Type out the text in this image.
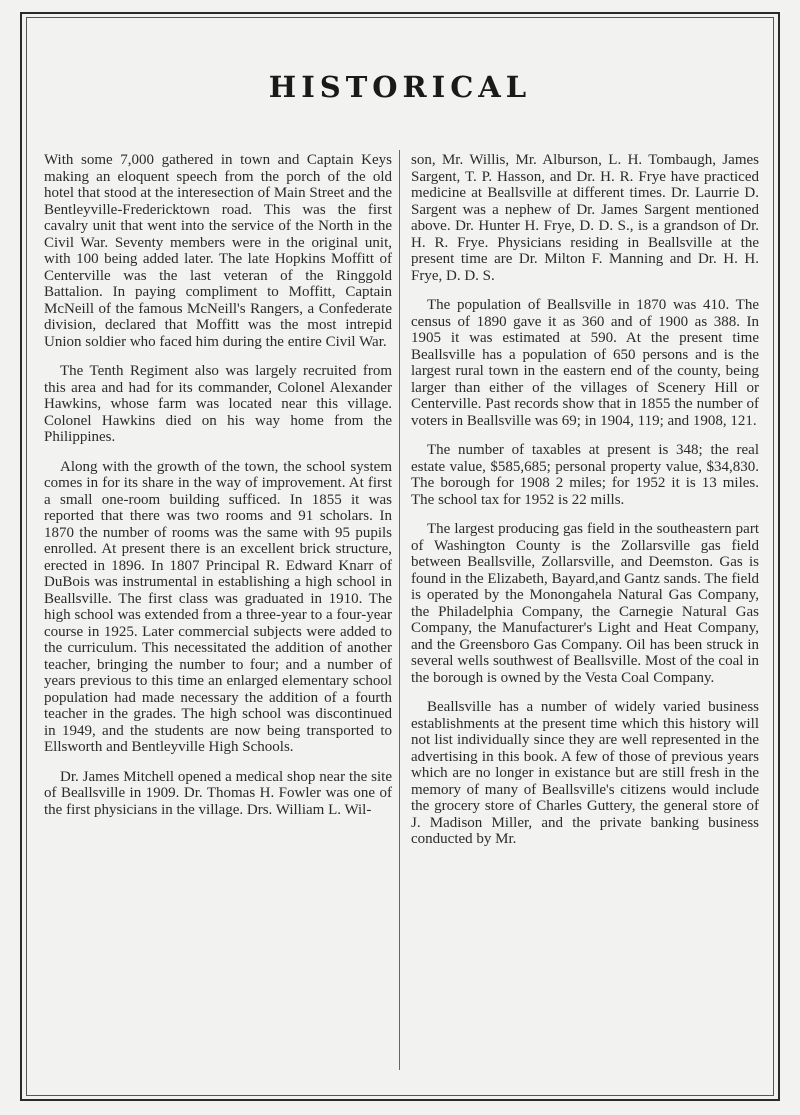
HISTORICAL

With some 7,000 gathered in town and Captain Keys making an eloquent speech from the porch of the old hotel that stood at the interesection of Main Street and the Bentleyville-Fredericktown road. This was the first cavalry unit that went into the service of the North in the Civil War. Seventy members were in the original unit, with 100 being added later. The late Hopkins Moffitt of Centerville was the last veteran of the Ringgold Battalion. In paying compliment to Moffitt, Captain McNeill of the famous McNeill's Rangers, a Confederate division, declared that Moffitt was the most intrepid Union soldier who faced him during the entire Civil War.

The Tenth Regiment also was largely recruited from this area and had for its commander, Colonel Alexander Hawkins, whose farm was located near this village. Colonel Hawkins died on his way home from the Philippines.

Along with the growth of the town, the school system comes in for its share in the way of improvement. At first a small one-room building sufficed. In 1855 it was reported that there was two rooms and 91 scholars. In 1870 the number of rooms was the same with 95 pupils enrolled. At present there is an excellent brick structure, erected in 1896. In 1807 Principal R. Edward Knarr of DuBois was instrumental in establishing a high school in Beallsville. The first class was graduated in 1910. The high school was extended from a three-year to a four-year course in 1925. Later commercial subjects were added to the curriculum. This necessitated the addition of another teacher, bringing the number to four; and a number of years previous to this time an enlarged elementary school population had made necessary the addition of a fourth teacher in the grades. The high school was discontinued in 1949, and the students are now being transported to Ellsworth and Bentleyville High Schools.

Dr. James Mitchell opened a medical shop near the site of Beallsville in 1909. Dr. Thomas H. Fowler was one of the first physicians in the village. Drs. William L. Wil-

son, Mr. Willis, Mr. Alburson, L. H. Tombaugh, James Sargent, T. P. Hasson, and Dr. H. R. Frye have practiced medicine at Beallsville at different times. Dr. Laurrie D. Sargent was a nephew of Dr. James Sargent mentioned above. Dr. Hunter H. Frye, D. D. S., is a grandson of Dr. H. R. Frye. Physicians residing in Beallsville at the present time are Dr. Milton F. Manning and Dr. H. H. Frye, D. D. S.

The population of Beallsville in 1870 was 410. The census of 1890 gave it as 360 and of 1900 as 388. In 1905 it was estimated at 590. At the present time Beallsville has a population of 650 persons and is the largest rural town in the eastern end of the county, being larger than either of the villages of Scenery Hill or Centerville. Past records show that in 1855 the number of voters in Beallsville was 69; in 1904, 119; and 1908, 121.

The number of taxables at present is 348; the real estate value, $585,685; personal property value, $34,830. The borough for 1908 2 miles; for 1952 it is 13 miles. The school tax for 1952 is 22 mills.

The largest producing gas field in the southeastern part of Washington County is the Zollarsville gas field between Beallsville, Zollarsville, and Deemston. Gas is found in the Elizabeth, Bayard,and Gantz sands. The field is operated by the Monongahela Natural Gas Company, the Philadelphia Company, the Carnegie Natural Gas Company, the Manufacturer's Light and Heat Company, and the Greensboro Gas Company. Oil has been struck in several wells southwest of Beallsville. Most of the coal in the borough is owned by the Vesta Coal Company.

Beallsville has a number of widely varied business establishments at the present time which this history will not list individually since they are well represented in the advertising in this book. A few of those of previous years which are no longer in existance but are still fresh in the memory of many of Beallsville's citizens would include the grocery store of Charles Guttery, the general store of J. Madison Miller, and the private banking business conducted by Mr.
